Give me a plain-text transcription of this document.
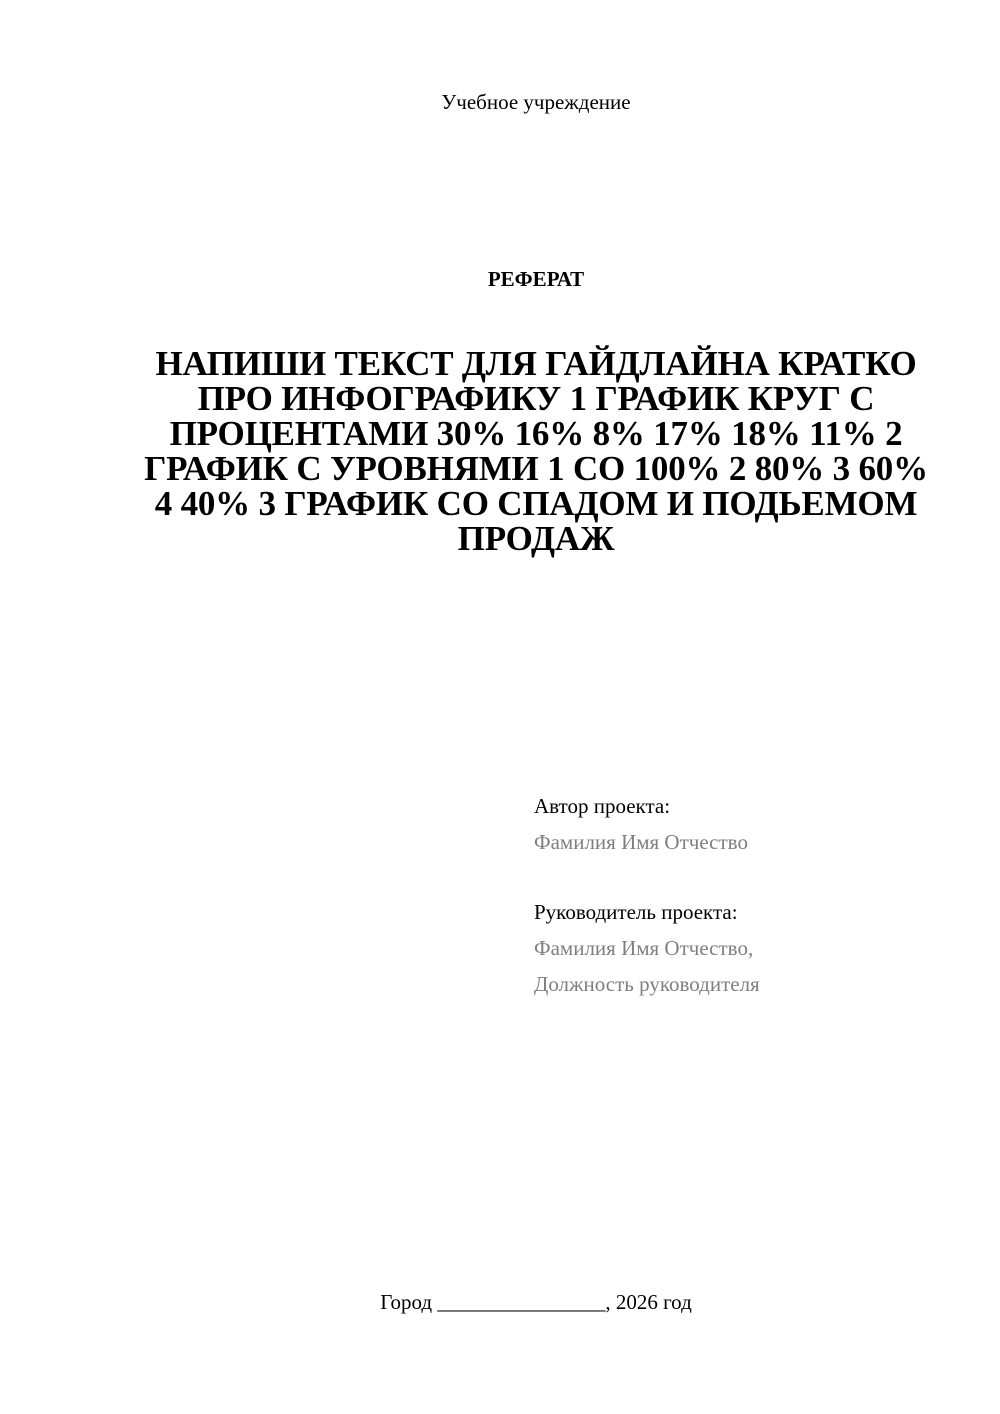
Учебное учреждение
РЕФЕРАТ
НАПИШИ ТЕКСТ ДЛЯ ГАЙДЛАЙНА КРАТКО ПРО ИНФОГРАФИКУ 1 ГРАФИК КРУГ С ПРОЦЕНТАМИ 30% 16% 8% 17% 18% 11% 2 ГРАФИК С УРОВНЯМИ 1 СО 100% 2 80% 3 60% 4 40% 3 ГРАФИК СО СПАДОМ И ПОДЬЕМОМ ПРОДАЖ
Автор проекта:
Фамилия Имя Отчество
Руководитель проекта:
Фамилия Имя Отчество,
Должность руководителя
Город ________________, 2026 год
